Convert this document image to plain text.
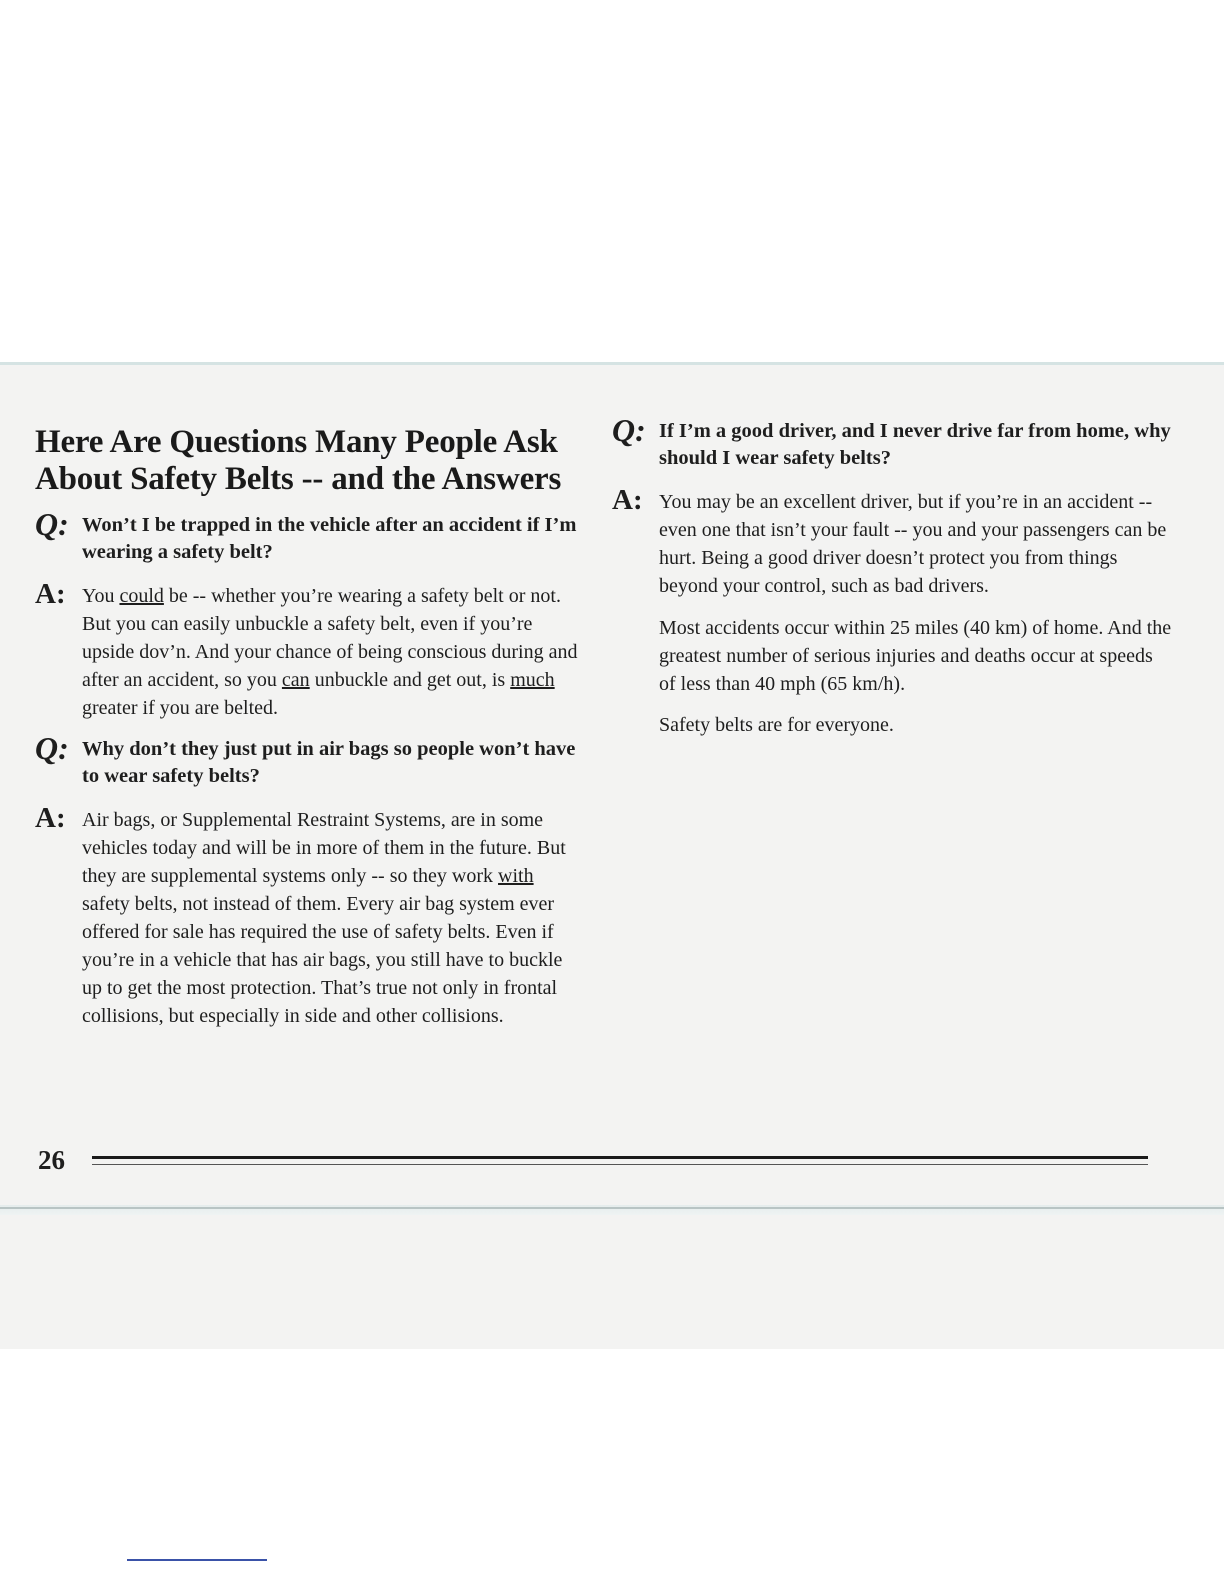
Here Are Questions Many People Ask About Safety Belts -- and the Answers
Q: Won’t I be trapped in the vehicle after an accident if I’m wearing a safety belt?
A: You could be -- whether you’re wearing a safety belt or not. But you can easily unbuckle a safety belt, even if you’re upside dov’n. And your chance of being conscious during and after an accident, so you can unbuckle and get out, is much greater if you are belted.
Q: Why don’t they just put in air bags so people won’t have to wear safety belts?
A: Air bags, or Supplemental Restraint Systems, are in some vehicles today and will be in more of them in the future. But they are supplemental systems only -- so they work with safety belts, not instead of them. Every air bag system ever offered for sale has required the use of safety belts. Even if you’re in a vehicle that has air bags, you still have to buckle up to get the most protection. That’s true not only in frontal collisions, but especially in side and other collisions.
Q: If I’m a good driver, and I never drive far from home, why should I wear safety belts?
A: You may be an excellent driver, but if you’re in an accident -- even one that isn’t your fault -- you and your passengers can be hurt. Being a good driver doesn’t protect you from things beyond your control, such as bad drivers.
Most accidents occur within 25 miles (40 km) of home. And the greatest number of serious injuries and deaths occur at speeds of less than 40 mph (65 km/h).
Safety belts are for everyone.
26
